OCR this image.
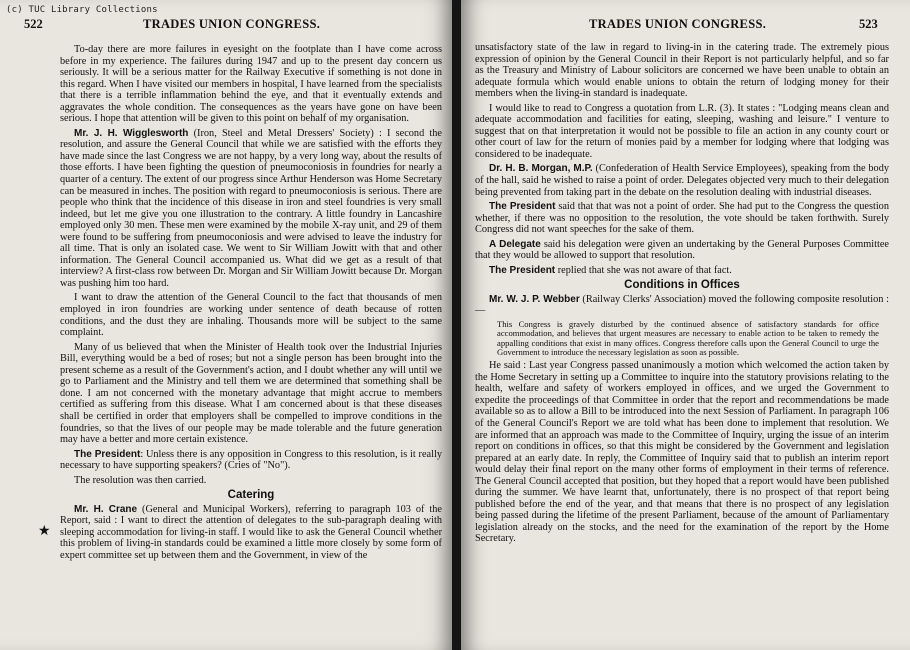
(c) TUC Library Collections
522	TRADES UNION CONGRESS.

To-day there are more failures in eyesight on the footplate than I have come across before in my experience. The failures during 1947 and up to the present day concern us seriously. It will be a serious matter for the Railway Executive if something is not done in this regard. When I have visited our members in hospital, I have learned from the specialists that there is a terrible inflammation behind the eye, and that it eventually extends and aggravates the whole condition. The consequences as the years have gone on have been serious. I hope that attention will be given to this point on behalf of my organisation.

Mr. J. H. Wigglesworth (Iron, Steel and Metal Dressers' Society) : I second the resolution, and assure the General Council that while we are satisfied with the efforts they have made since the last Congress we are not happy, by a very long way, about the results of those efforts. I have been fighting the question of pneumoconiosis in foundries for nearly a quarter of a century. The extent of our progress since Arthur Henderson was Home Secretary can be measured in inches. The position with regard to pneumoconiosis is serious. There are people who think that the incidence of this disease in iron and steel foundries is very small indeed, but let me give you one illustration to the contrary. A little foundry in Lancashire employed only 30 men. These men were examined by the mobile X-ray unit, and 29 of them were found to be suffering from pneumoconiosis and were advised to leave the industry for all time. That is only an isolated case. We went to Sir William Jowitt with that and other information. The General Council accompanied us. What did we get as a result of that interview? A first-class row between Dr. Morgan and Sir William Jowitt because Dr. Morgan was pushing him too hard.

I want to draw the attention of the General Council to the fact that thousands of men employed in iron foundries are working under sentence of death because of rotten conditions, and the dust they are inhaling. Thousands more will be subject to the same complaint.

Many of us believed that when the Minister of Health took over the Industrial Injuries Bill, everything would be a bed of roses; but not a single person has been brought into the present scheme as a result of the Government's action, and I doubt whether any will until we go to Parliament and the Ministry and tell them we are determined that something shall be done. I am not concerned with the monetary advantage that might accrue to members certified as suffering from this disease. What I am concerned about is that these diseases shall be certified in order that employers shall be compelled to improve conditions in the foundries, so that the lives of our people may be made tolerable and the future generation may have a better and more certain existence.

The President: Unless there is any opposition in Congress to this resolution, is it really necessary to have supporting speakers? (Cries of "No").

The resolution was then carried.

Catering

Mr. H. Crane (General and Municipal Workers), referring to paragraph 103 of the Report, said : I want to direct the attention of delegates to the sub-paragraph dealing with sleeping accommodation for living-in staff. I would like to ask the General Council whether this problem of living-in standards could be examined a little more closely by some form of expert committee set up between them and the Government, in view of the

★
TRADES UNION CONGRESS.	523

unsatisfactory state of the law in regard to living-in in the catering trade. The extremely pious expression of opinion by the General Council in their Report is not particularly helpful, and so far as the Treasury and Ministry of Labour solicitors are concerned we have been unable to obtain an adequate formula which would enable unions to obtain the return of lodging money for their members when the living-in standard is inadequate.

I would like to read to Congress a quotation from L.R. (3). It states : "Lodging means clean and adequate accommodation and facilities for eating, sleeping, washing and leisure." I venture to suggest that on that interpretation it would not be possible to file an action in any county court or other court of law for the return of monies paid by a member for lodging where that lodging was considered to be inadequate.

Dr. H. B. Morgan, M.P. (Confederation of Health Service Employees), speaking from the body of the hall, said he wished to raise a point of order. Delegates objected very much to their delegation being prevented from taking part in the debate on the resolution dealing with industrial diseases.

The President said that that was not a point of order. She had put to the Congress the question whether, if there was no opposition to the resolution, the vote should be taken forthwith. Surely Congress did not want speeches for the sake of them.

A Delegate said his delegation were given an undertaking by the General Purposes Committee that they would be allowed to support that resolution.

The President replied that she was not aware of that fact.

Conditions in Offices

Mr. W. J. P. Webber (Railway Clerks' Association) moved the following composite resolution :—

This Congress is gravely disturbed by the continued absence of satisfactory standards for office accommodation, and believes that urgent measures are necessary to enable action to be taken to remedy the appalling conditions that exist in many offices. Congress therefore calls upon the General Council to urge the Government to introduce the necessary legislation as soon as possible.

He said : Last year Congress passed unanimously a motion which welcomed the action taken by the Home Secretary in setting up a Committee to inquire into the statutory provisions relating to the health, welfare and safety of workers employed in offices, and we urged the Government to expedite the proceedings of that Committee in order that the report and recommendations be made available so as to allow a Bill to be introduced into the next Session of Parliament. In paragraph 106 of the General Council's Report we are told what has been done to implement that resolution. We are informed that an approach was made to the Committee of Inquiry, urging the issue of an interim report on conditions in offices, so that this might be considered by the Government and legislation prepared at an early date. In reply, the Committee of Inquiry said that to publish an interim report would delay their final report on the many other forms of employment in their terms of reference. The General Council accepted that position, but they hoped that a report would have been published during the summer. We have learnt that, unfortunately, there is no prospect of that report being published before the end of the year, and that means that there is no prospect of any legislation being passed during the lifetime of the present Parliament, because of the amount of Parliamentary legislation already on the stocks, and the need for the examination of the report by the Home Secretary.
